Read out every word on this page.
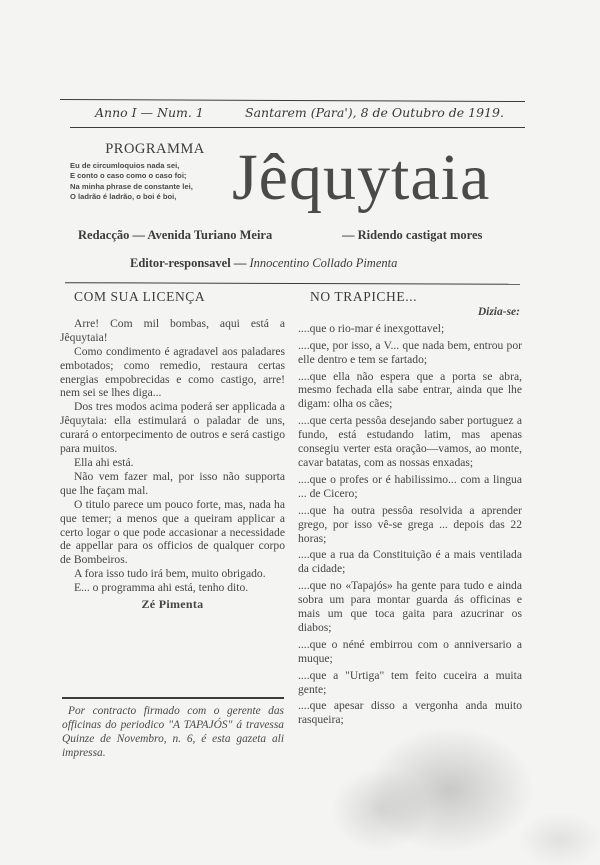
Anno I — Num. 1	Santarem (Para'), 8 de Outubro de 1919.
PROGRAMMA
Eu de circumloquios nada sei,
E conto o caso como o caso foi;
Na minha phrase de constante lei,
O ladrão é ladrão, o boi é boi, Jêquytaia
Redacção — Avenida Turiano Meira	— Ridendo castigat mores
Editor-responsavel — Innocentino Collado Pimenta
COM SUA LICENÇA

Arre! Com mil bombas, aqui está a Jêquytaia!

Como condimento é agradavel aos paladares embotados; como remedio, restaura certas energias empobrecidas e como castigo, arre! nem sei se lhes diga...

Dos tres modos acima poderá ser applicada a Jêquytaia: ella estimulará o paladar de uns, curará o entorpecimento de outros e será castigo para muitos.

Ella ahi está.

Não vem fazer mal, por isso não supporta que lhe façam mal.

O titulo parece um pouco forte, mas, nada ha que temer; a menos que a queiram applicar a certo logar o que pode accasionar a necessidade de appellar para os officios de qualquer corpo de Bombeiros.

A fora isso tudo irá bem, muito obrigado.

E... o programma ahi está, tenho dito.

Zé Pimenta
Por contracto firmado com o gerente das officinas do periodico "A TAPAJÓS" á travessa Quinze de Novembro, n. 6, é esta gazeta ali impressa.
NO TRAPICHE...
Dizia-se:

....que o rio-mar é inexgottavel;

....que, por isso, a V... que nada bem, entrou por elle dentro e tem se fartado;

....que ella não espera que a porta se abra, mesmo fechada ella sabe entrar, ainda que lhe digam: olha os cães;

....que certa pessôa desejando saber portuguez a fundo, está estudando latim, mas apenas consegiu verter esta oração—vamos, ao monte, cavar batatas, com as nossas enxadas;

....que o profes or é habilissimo... com a lingua ... de Cicero;

....que ha outra pessôa resolvida a aprender grego, por isso vê-se grega ... depois das 22 horas;

....que a rua da Constituição é a mais ventilada da cidade;

....que no «Tapajós» ha gente para tudo e ainda sobra um para montar guarda ás officinas e mais um que toca gaita para azucrinar os diabos;

....que o néné embirrou com o anniversario a muque;

....que a "Urtiga" tem feito cuceira a muita gente;

....que apesar disso a vergonha anda muito rasqueira;
